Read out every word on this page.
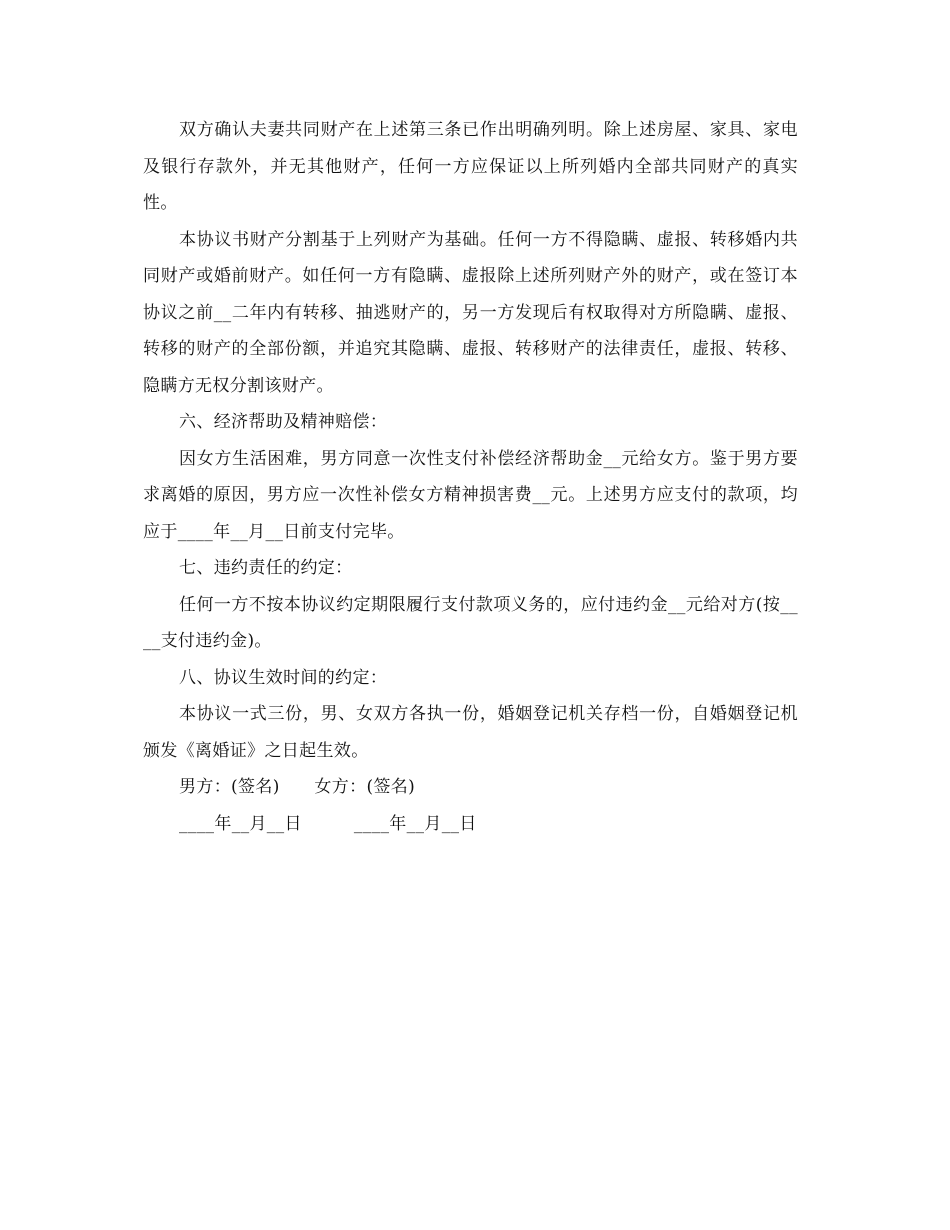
双方确认夫妻共同财产在上述第三条已作出明确列明。除上述房屋、家具、家电及银行存款外，并无其他财产，任何一方应保证以上所列婚内全部共同财产的真实性。

本协议书财产分割基于上列财产为基础。任何一方不得隐瞒、虚报、转移婚内共同财产或婚前财产。如任何一方有隐瞒、虚报除上述所列财产外的财产，或在签订本协议之前__二年内有转移、抽逃财产的，另一方发现后有权取得对方所隐瞒、虚报、转移的财产的全部份额，并追究其隐瞒、虚报、转移财产的法律责任，虚报、转移、隐瞒方无权分割该财产。

六、经济帮助及精神赔偿：

因女方生活困难，男方同意一次性支付补偿经济帮助金__元给女方。鉴于男方要求离婚的原因，男方应一次性补偿女方精神损害费__元。上述男方应支付的款项，均应于____年__月__日前支付完毕。

七、违约责任的约定：

任何一方不按本协议约定期限履行支付款项义务的，应付违约金__元给对方(按____支付违约金)。

八、协议生效时间的约定：

本协议一式三份，男、女双方各执一份，婚姻登记机关存档一份，自婚姻登记机颁发《离婚证》之日起生效。

男方：(签名)　　女方：(签名)

____年__月__日　　　____年__月__日
